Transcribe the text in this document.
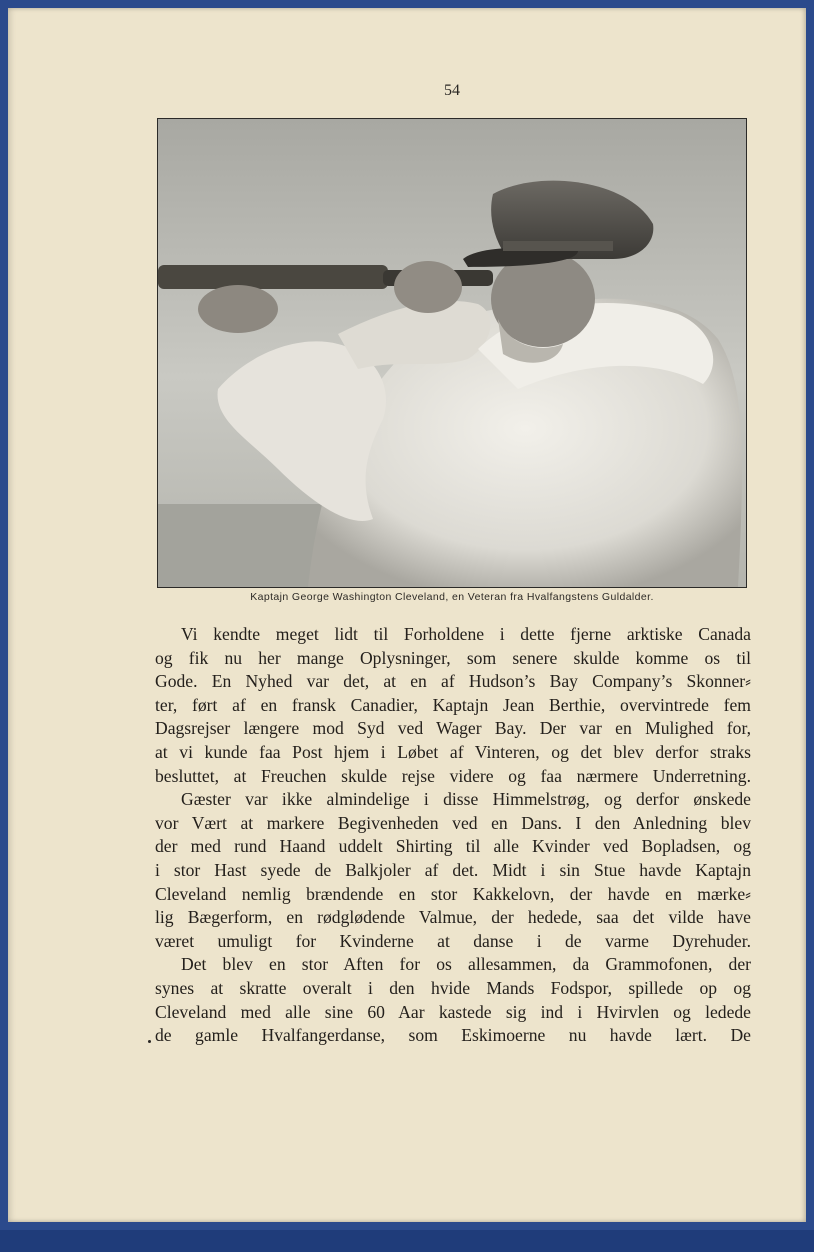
54
Kaptajn George Washington Cleveland, en Veteran fra Hvalfangstens Guldalder.

Vi kendte meget lidt til Forholdene i dette fjerne arktiske Canada
og fik nu her mange Oplysninger, som senere skulde komme os til
Gode. En Nyhed var det, at en af Hudson’s Bay Company’s Skonner⸗
ter, ført af en fransk Canadier, Kaptajn Jean Berthie, overvintrede fem
Dagsrejser længere mod Syd ved Wager Bay. Der var en Mulighed for,
at vi kunde faa Post hjem i Løbet af Vinteren, og det blev derfor straks
besluttet, at Freuchen skulde rejse videre og faa nærmere Underretning.

Gæster var ikke almindelige i disse Himmelstrøg, og derfor ønskede
vor Vært at markere Begivenheden ved en Dans. I den Anledning blev
der med rund Haand uddelt Shirting til alle Kvinder ved Bopladsen, og
i stor Hast syede de Balkjoler af det. Midt i sin Stue havde Kaptajn
Cleveland nemlig brændende en stor Kakkelovn, der havde en mærke⸗
lig Bægerform, en rødglødende Valmue, der hedede, saa det vilde have
været umuligt for Kvinderne at danse i de varme Dyrehuder.

Det blev en stor Aften for os allesammen, da Grammofonen, der
synes at skratte overalt i den hvide Mands Fodspor, spillede op og
Cleveland med alle sine 60 Aar kastede sig ind i Hvirvlen og ledede
de gamle Hvalfangerdanse, som Eskimoerne nu havde lært. De
